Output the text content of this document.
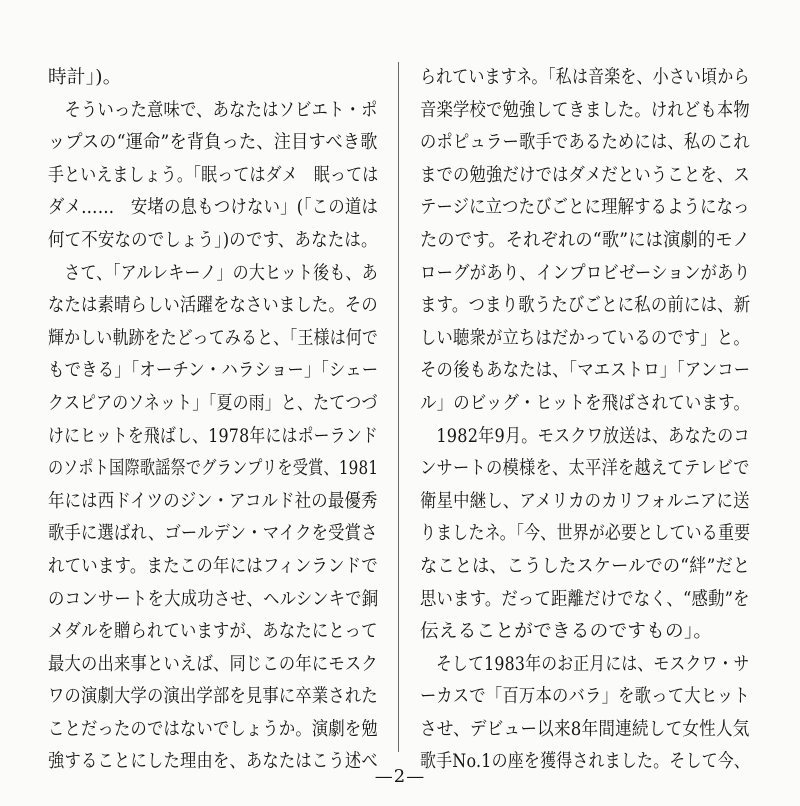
時計」)。
　そういった意味で、あなたはソビエト・ポ
ップスの“運命”を背負った、注目すべき歌
手といえましょう。「眠ってはダメ　眠っては
ダメ……　安堵の息もつけない」(「この道は
何て不安なのでしょう」)のです、あなたは。
　さて、「アルレキーノ」の大ヒット後も、あ
なたは素晴らしい活躍をなさいました。その
輝かしい軌跡をたどってみると、「王様は何で
もできる」「オーチン・ハラショー」「シェー
クスピアのソネット」「夏の雨」と、たてつづ
けにヒットを飛ばし、1978年にはポーランド
のソポト国際歌謡祭でグランプリを受賞、1981
年には西ドイツのジン・アコルド社の最優秀
歌手に選ばれ、ゴールデン・マイクを受賞さ
れています。またこの年にはフィンランドで
のコンサートを大成功させ、ヘルシンキで銅
メダルを贈られていますが、あなたにとって
最大の出来事といえば、同じこの年にモスク
ワの演劇大学の演出学部を見事に卒業された
ことだったのではないでしょうか。演劇を勉
強することにした理由を、あなたはこう述べ
られていますネ。「私は音楽を、小さい頃から
音楽学校で勉強してきました。けれども本物
のポピュラー歌手であるためには、私のこれ
までの勉強だけではダメだということを、ス
テージに立つたびごとに理解するようになっ
たのです。それぞれの“歌”には演劇的モノ
ローグがあり、インプロビゼーションがあり
ます。つまり歌うたびごとに私の前には、新
しい聴衆が立ちはだかっているのです」と。
その後もあなたは、「マエストロ」「アンコー
ル」のビッグ・ヒットを飛ばされています。
　1982年9月。モスクワ放送は、あなたのコ
ンサートの模様を、太平洋を越えてテレビで
衛星中継し、アメリカのカリフォルニアに送
りましたネ。「今、世界が必要としている重要
なことは、こうしたスケールでの“絆”だと
思います。だって距離だけでなく、“感動”を
伝えることができるのですもの」。
　そして1983年のお正月には、モスクワ・サ
ーカスで「百万本のバラ」を歌って大ヒット
させ、デビュー以来8年間連続して女性人気
歌手No.1の座を獲得されました。そして今、
—2—
